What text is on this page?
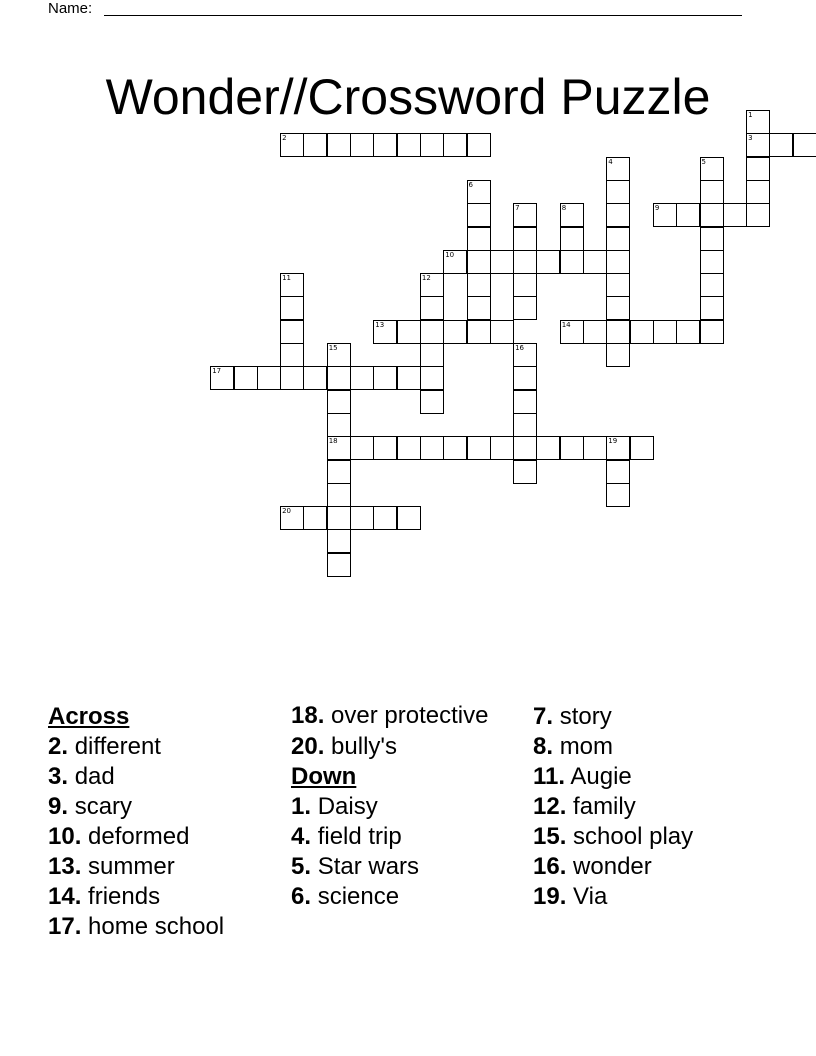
Name:
Wonder//Crossword Puzzle
2	3
9
10
13	14
17
18	19
20
1
4	5
6
7	8
11	12
15	16
Across
2. different
3. dad
9. scary
10. deformed
13. summer
14. friends
17. home school
18. over protective
20. bully's
Down
1. Daisy
4. field trip
5. Star wars
6. science
7. story
8. mom
11. Augie
12. family
15. school play
16. wonder
19. Via
